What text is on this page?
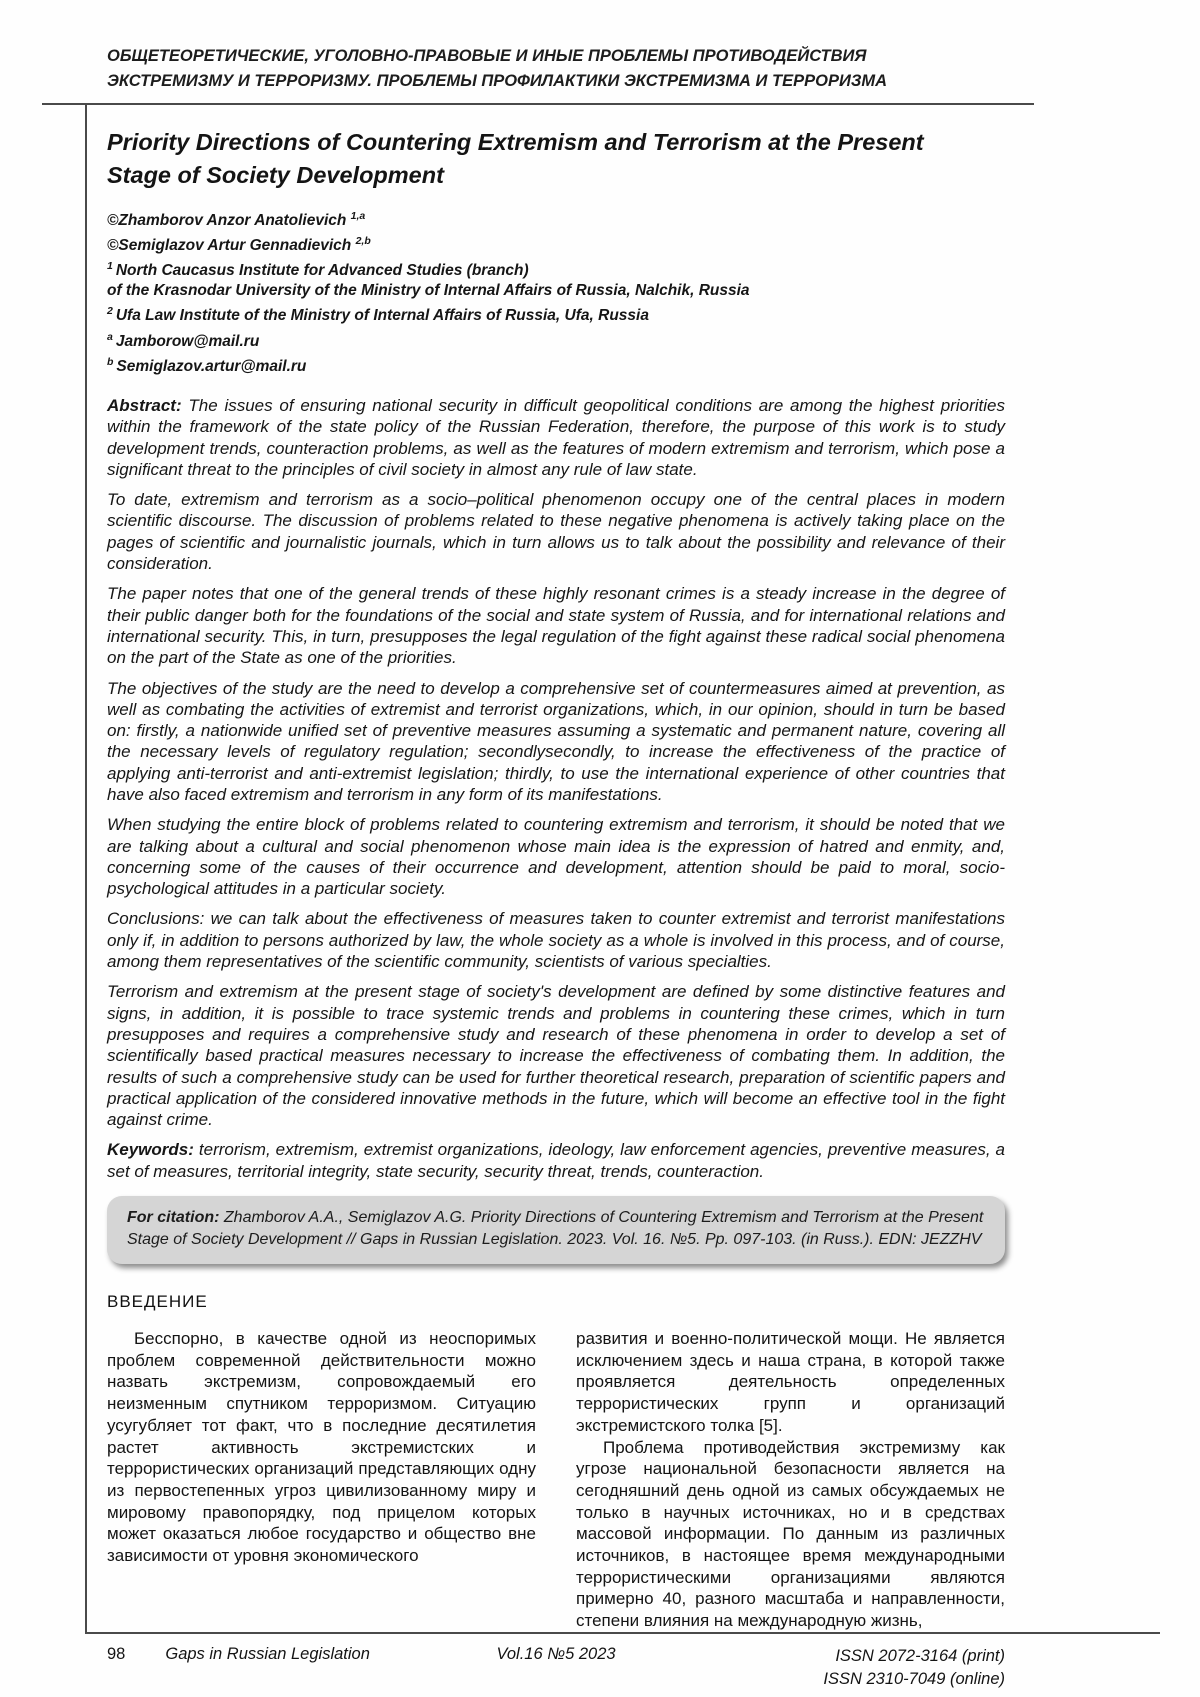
ОБЩЕТЕОРЕТИЧЕСКИЕ, УГОЛОВНО-ПРАВОВЫЕ И ИНЫЕ ПРОБЛЕМЫ ПРОТИВОДЕЙСТВИЯ
ЭКСТРЕМИЗМУ И ТЕРРОРИЗМУ. ПРОБЛЕМЫ ПРОФИЛАКТИКИ ЭКСТРЕМИЗМА И ТЕРРОРИЗМА
Priority Directions of Countering Extremism and Terrorism at the Present Stage of Society Development
©Zhamborov Anzor Anatolievich $^{1,a}$
©Semiglazov Artur Gennadievich $^{2,b}$
$^1$ North Caucasus Institute for Advanced Studies (branch)
of the Krasnodar University of the Ministry of Internal Affairs of Russia, Nalchik, Russia
$^2$ Ufa Law Institute of the Ministry of Internal Affairs of Russia, Ufa, Russia
$^a$ Jamborow@mail.ru
$^b$ Semiglazov.artur@mail.ru

Abstract: The issues of ensuring national security in difficult geopolitical conditions are among the highest priorities within the framework of the state policy of the Russian Federation, therefore, the purpose of this work is to study development trends, counteraction problems, as well as the features of modern extremism and terrorism, which pose a significant threat to the principles of civil society in almost any rule of law state.

To date, extremism and terrorism as a socio–political phenomenon occupy one of the central places in modern scientific discourse. The discussion of problems related to these negative phenomena is actively taking place on the pages of scientific and journalistic journals, which in turn allows us to talk about the possibility and relevance of their consideration.

The paper notes that one of the general trends of these highly resonant crimes is a steady increase in the degree of their public danger both for the foundations of the social and state system of Russia, and for international relations and international security. This, in turn, presupposes the legal regulation of the fight against these radical social phenomena on the part of the State as one of the priorities.

The objectives of the study are the need to develop a comprehensive set of countermeasures aimed at prevention, as well as combating the activities of extremist and terrorist organizations, which, in our opinion, should in turn be based on: firstly, a nationwide unified set of preventive measures assuming a systematic and permanent nature, covering all the necessary levels of regulatory regulation; secondlysecondly, to increase the effectiveness of the practice of applying anti-terrorist and anti-extremist legislation; thirdly, to use the international experience of other countries that have also faced extremism and terrorism in any form of its manifestations.

When studying the entire block of problems related to countering extremism and terrorism, it should be noted that we are talking about a cultural and social phenomenon whose main idea is the expression of hatred and enmity, and, concerning some of the causes of their occurrence and development, attention should be paid to moral, socio-psychological attitudes in a particular society.

Conclusions: we can talk about the effectiveness of measures taken to counter extremist and terrorist manifestations only if, in addition to persons authorized by law, the whole society as a whole is involved in this process, and of course, among them representatives of the scientific community, scientists of various specialties.

Terrorism and extremism at the present stage of society's development are defined by some distinctive features and signs, in addition, it is possible to trace systemic trends and problems in countering these crimes, which in turn presupposes and requires a comprehensive study and research of these phenomena in order to develop a set of scientifically based practical measures necessary to increase the effectiveness of combating them. In addition, the results of such a comprehensive study can be used for further theoretical research, preparation of scientific papers and practical application of the considered innovative methods in the future, which will become an effective tool in the fight against crime.

Keywords: terrorism, extremism, extremist organizations, ideology, law enforcement agencies, preventive measures, a set of measures, territorial integrity, state security, security threat, trends, counteraction.

For citation: Zhamborov A.A., Semiglazov A.G. Priority Directions of Countering Extremism and Terrorism at the Present Stage of Society Development // Gaps in Russian Legislation. 2023. Vol. 16. №5. Pp. 097-103. (in Russ.). EDN: JEZZHV
ВВЕДЕНИЕ

Бесспорно, в качестве одной из неоспоримых проблем современной действительности можно назвать экстремизм, сопровождаемый его неизменным спутником терроризмом. Ситуацию усугубляет тот факт, что в последние десятилетия растет активность экстремистских и террористических организаций представляющих одну из первостепенных угроз цивилизованному миру и мировому правопорядку, под прицелом которых может оказаться любое государство и общество вне зависимости от уровня экономического

развития и военно-политической мощи. Не является исключением здесь и наша страна, в которой также проявляется деятельность определенных террористических групп и организаций экстремистского толка [5].

Проблема противодействия экстремизму как угрозе национальной безопасности является на сегодняшний день одной из самых обсуждаемых не только в научных источниках, но и в средствах массовой информации. По данным из различных источников, в настоящее время международными террористическими организациями являются примерно 40, разного масштаба и направленности, степени влияния на международную жизнь,

98 Gaps in Russian Legislation	Vol.16 №5 2023	ISSN 2072-3164 (print)
ISSN 2310-7049 (online)
